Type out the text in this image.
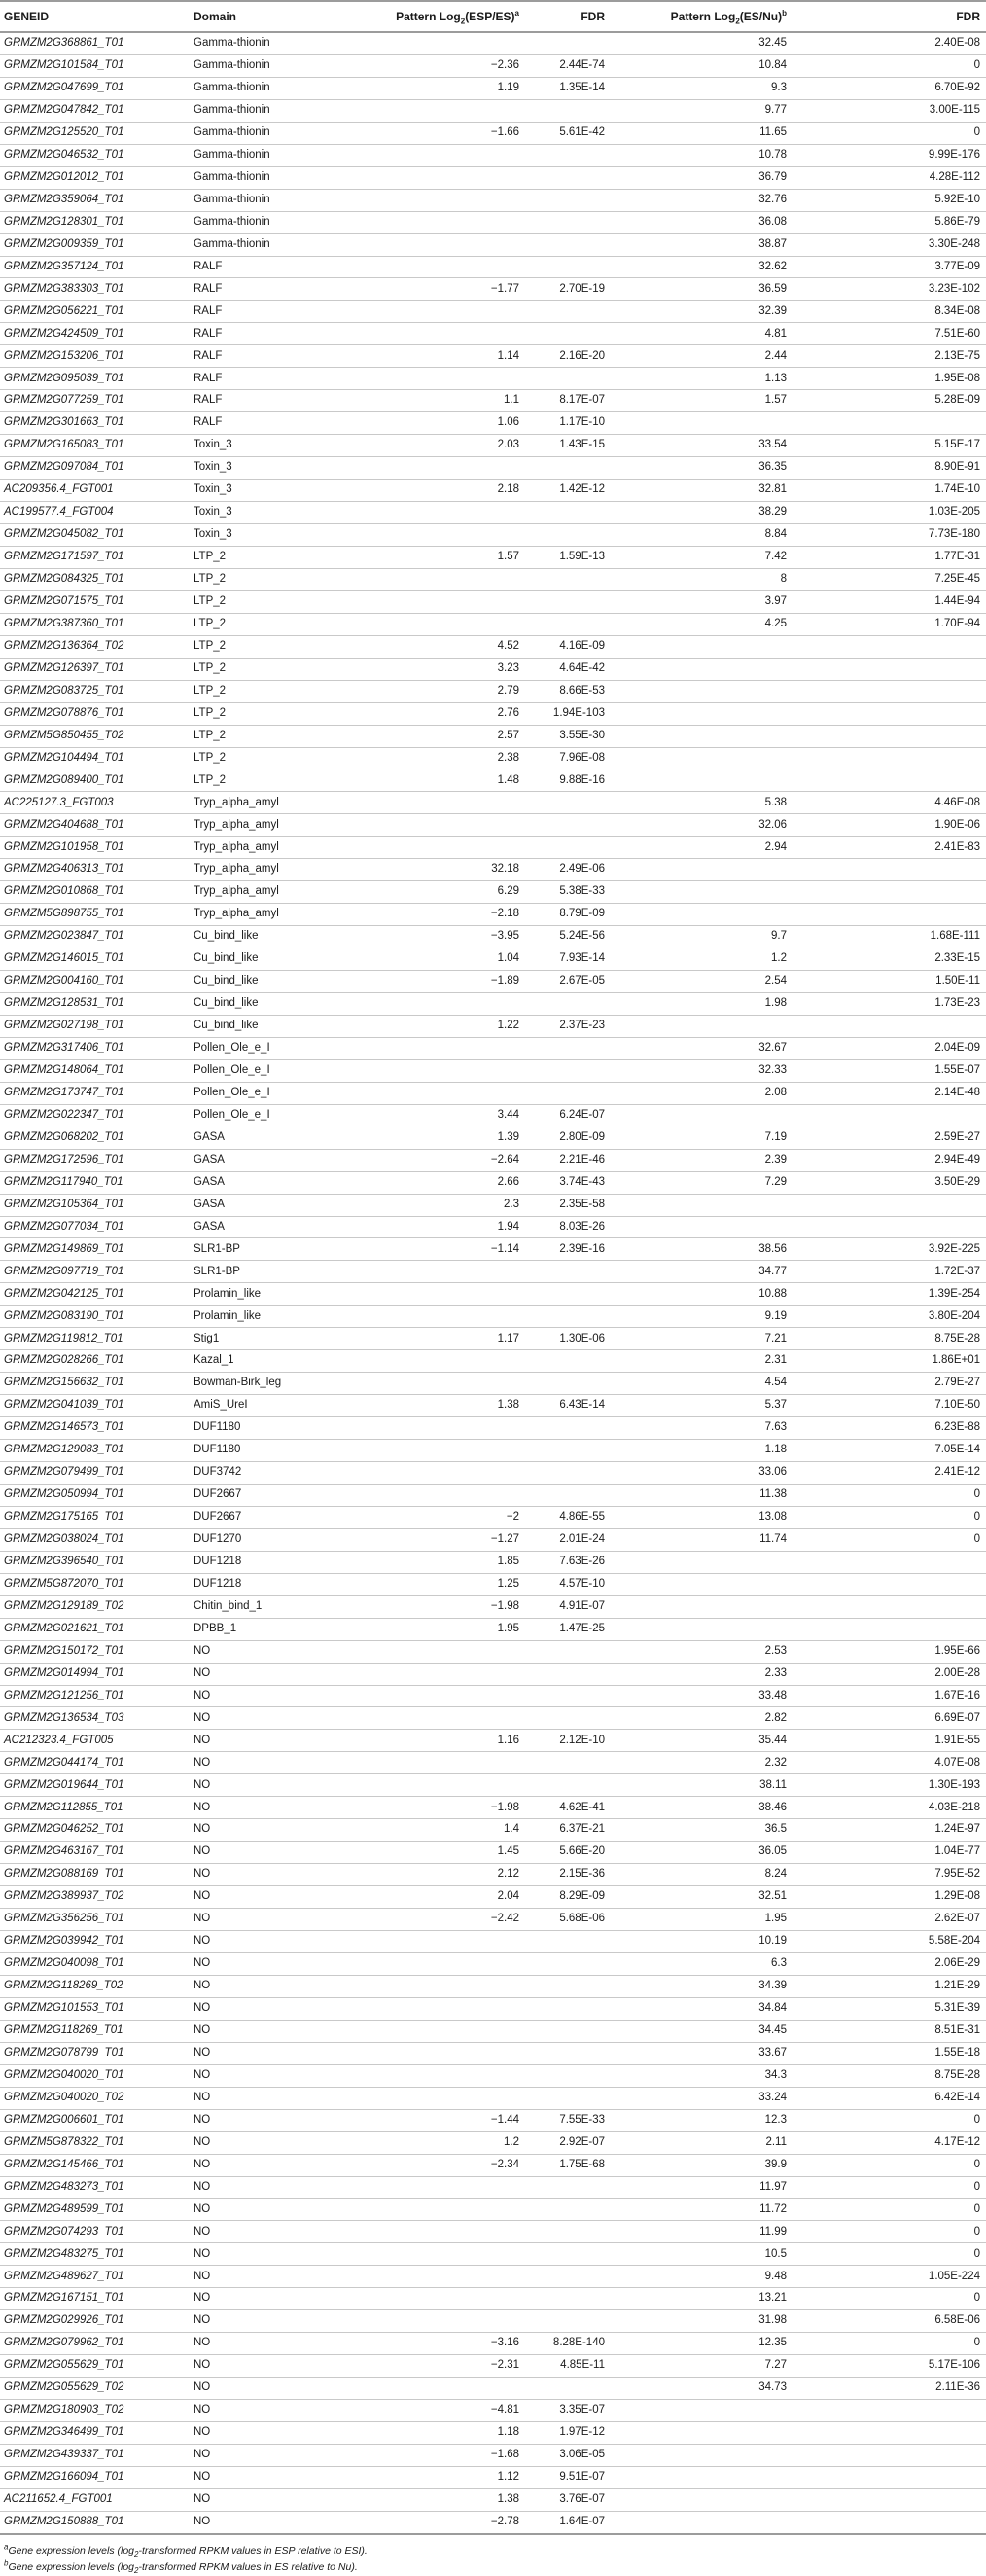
GENEID	Domain	Pattern $Log_2(ESP/ES)^a$	FDR	Pattern $Log_2(ES/Nu)^b$	FDR
GRMZM2G368861_T01	Gamma-thionin			32.45	2.40E-08
GRMZM2G101584_T01	Gamma-thionin	−2.36	2.44E-74	10.84	0
GRMZM2G047699_T01	Gamma-thionin	1.19	1.35E-14	9.3	6.70E-92
GRMZM2G047842_T01	Gamma-thionin			9.77	3.00E-115
GRMZM2G125520_T01	Gamma-thionin	−1.66	5.61E-42	11.65	0
GRMZM2G046532_T01	Gamma-thionin			10.78	9.99E-176
GRMZM2G012012_T01	Gamma-thionin			36.79	4.28E-112
GRMZM2G359064_T01	Gamma-thionin			32.76	5.92E-10
GRMZM2G128301_T01	Gamma-thionin			36.08	5.86E-79
GRMZM2G009359_T01	Gamma-thionin			38.87	3.30E-248
GRMZM2G357124_T01	RALF			32.62	3.77E-09
GRMZM2G383303_T01	RALF	−1.77	2.70E-19	36.59	3.23E-102
GRMZM2G056221_T01	RALF			32.39	8.34E-08
GRMZM2G424509_T01	RALF			4.81	7.51E-60
GRMZM2G153206_T01	RALF	1.14	2.16E-20	2.44	2.13E-75
GRMZM2G095039_T01	RALF			1.13	1.95E-08
GRMZM2G077259_T01	RALF	1.1	8.17E-07	1.57	5.28E-09
GRMZM2G301663_T01	RALF	1.06	1.17E-10		
GRMZM2G165083_T01	Toxin_3	2.03	1.43E-15	33.54	5.15E-17
GRMZM2G097084_T01	Toxin_3			36.35	8.90E-91
AC209356.4_FGT001	Toxin_3	2.18	1.42E-12	32.81	1.74E-10
AC199577.4_FGT004	Toxin_3			38.29	1.03E-205
GRMZM2G045082_T01	Toxin_3			8.84	7.73E-180
GRMZM2G171597_T01	LTP_2	1.57	1.59E-13	7.42	1.77E-31
GRMZM2G084325_T01	LTP_2			8	7.25E-45
GRMZM2G071575_T01	LTP_2			3.97	1.44E-94
GRMZM2G387360_T01	LTP_2			4.25	1.70E-94
GRMZM2G136364_T02	LTP_2	4.52	4.16E-09		
GRMZM2G126397_T01	LTP_2	3.23	4.64E-42		
GRMZM2G083725_T01	LTP_2	2.79	8.66E-53		
GRMZM2G078876_T01	LTP_2	2.76	1.94E-103		
GRMZM5G850455_T02	LTP_2	2.57	3.55E-30		
GRMZM2G104494_T01	LTP_2	2.38	7.96E-08		
GRMZM2G089400_T01	LTP_2	1.48	9.88E-16		
AC225127.3_FGT003	Tryp_alpha_amyl			5.38	4.46E-08
GRMZM2G404688_T01	Tryp_alpha_amyl			32.06	1.90E-06
GRMZM2G101958_T01	Tryp_alpha_amyl			2.94	2.41E-83
GRMZM2G406313_T01	Tryp_alpha_amyl	32.18	2.49E-06		
GRMZM2G010868_T01	Tryp_alpha_amyl	6.29	5.38E-33		
GRMZM5G898755_T01	Tryp_alpha_amyl	−2.18	8.79E-09		
GRMZM2G023847_T01	Cu_bind_like	−3.95	5.24E-56	9.7	1.68E-111
GRMZM2G146015_T01	Cu_bind_like	1.04	7.93E-14	1.2	2.33E-15
GRMZM2G004160_T01	Cu_bind_like	−1.89	2.67E-05	2.54	1.50E-11
GRMZM2G128531_T01	Cu_bind_like			1.98	1.73E-23
GRMZM2G027198_T01	Cu_bind_like	1.22	2.37E-23		
GRMZM2G317406_T01	Pollen_Ole_e_I			32.67	2.04E-09
GRMZM2G148064_T01	Pollen_Ole_e_I			32.33	1.55E-07
GRMZM2G173747_T01	Pollen_Ole_e_I			2.08	2.14E-48
GRMZM2G022347_T01	Pollen_Ole_e_I	3.44	6.24E-07		
GRMZM2G068202_T01	GASA	1.39	2.80E-09	7.19	2.59E-27
GRMZM2G172596_T01	GASA	−2.64	2.21E-46	2.39	2.94E-49
GRMZM2G117940_T01	GASA	2.66	3.74E-43	7.29	3.50E-29
GRMZM2G105364_T01	GASA	2.3	2.35E-58		
GRMZM2G077034_T01	GASA	1.94	8.03E-26		
GRMZM2G149869_T01	SLR1-BP	−1.14	2.39E-16	38.56	3.92E-225
GRMZM2G097719_T01	SLR1-BP			34.77	1.72E-37
GRMZM2G042125_T01	Prolamin_like			10.88	1.39E-254
GRMZM2G083190_T01	Prolamin_like			9.19	3.80E-204
GRMZM2G119812_T01	Stig1	1.17	1.30E-06	7.21	8.75E-28
GRMZM2G028266_T01	Kazal_1			2.31	1.86E+01
GRMZM2G156632_T01	Bowman-Birk_leg			4.54	2.79E-27
GRMZM2G041039_T01	AmiS_UreI	1.38	6.43E-14	5.37	7.10E-50
GRMZM2G146573_T01	DUF1180			7.63	6.23E-88
GRMZM2G129083_T01	DUF1180			1.18	7.05E-14
GRMZM2G079499_T01	DUF3742			33.06	2.41E-12
GRMZM2G050994_T01	DUF2667			11.38	0
GRMZM2G175165_T01	DUF2667	−2	4.86E-55	13.08	0
GRMZM2G038024_T01	DUF1270	−1.27	2.01E-24	11.74	0
GRMZM2G396540_T01	DUF1218	1.85	7.63E-26		
GRMZM5G872070_T01	DUF1218	1.25	4.57E-10		
GRMZM2G129189_T02	Chitin_bind_1	−1.98	4.91E-07		
GRMZM2G021621_T01	DPBB_1	1.95	1.47E-25		
GRMZM2G150172_T01	NO			2.53	1.95E-66
GRMZM2G014994_T01	NO			2.33	2.00E-28
GRMZM2G121256_T01	NO			33.48	1.67E-16
GRMZM2G136534_T03	NO			2.82	6.69E-07
AC212323.4_FGT005	NO	1.16	2.12E-10	35.44	1.91E-55
GRMZM2G044174_T01	NO			2.32	4.07E-08
GRMZM2G019644_T01	NO			38.11	1.30E-193
GRMZM2G112855_T01	NO	−1.98	4.62E-41	38.46	4.03E-218
GRMZM2G046252_T01	NO	1.4	6.37E-21	36.5	1.24E-97
GRMZM2G463167_T01	NO	1.45	5.66E-20	36.05	1.04E-77
GRMZM2G088169_T01	NO	2.12	2.15E-36	8.24	7.95E-52
GRMZM2G389937_T02	NO	2.04	8.29E-09	32.51	1.29E-08
GRMZM2G356256_T01	NO	−2.42	5.68E-06	1.95	2.62E-07
GRMZM2G039942_T01	NO			10.19	5.58E-204
GRMZM2G040098_T01	NO			6.3	2.06E-29
GRMZM2G118269_T02	NO			34.39	1.21E-29
GRMZM2G101553_T01	NO			34.84	5.31E-39
GRMZM2G118269_T01	NO			34.45	8.51E-31
GRMZM2G078799_T01	NO			33.67	1.55E-18
GRMZM2G040020_T01	NO			34.3	8.75E-28
GRMZM2G040020_T02	NO			33.24	6.42E-14
GRMZM2G006601_T01	NO	−1.44	7.55E-33	12.3	0
GRMZM5G878322_T01	NO	1.2	2.92E-07	2.11	4.17E-12
GRMZM2G145466_T01	NO	−2.34	1.75E-68	39.9	0
GRMZM2G483273_T01	NO			11.97	0
GRMZM2G489599_T01	NO			11.72	0
GRMZM2G074293_T01	NO			11.99	0
GRMZM2G483275_T01	NO			10.5	0
GRMZM2G489627_T01	NO			9.48	1.05E-224
GRMZM2G167151_T01	NO			13.21	0
GRMZM2G029926_T01	NO			31.98	6.58E-06
GRMZM2G079962_T01	NO	−3.16	8.28E-140	12.35	0
GRMZM2G055629_T01	NO	−2.31	4.85E-11	7.27	5.17E-106
GRMZM2G055629_T02	NO			34.73	2.11E-36
GRMZM2G180903_T02	NO	−4.81	3.35E-07		
GRMZM2G346499_T01	NO	1.18	1.97E-12		
GRMZM2G439337_T01	NO	−1.68	3.06E-05		
GRMZM2G166094_T01	NO	1.12	9.51E-07		
AC211652.4_FGT001	NO	1.38	3.76E-07		
GRMZM2G150888_T01	NO	−2.78	1.64E-07		

$^a$Gene expression levels ($\log_2$-transformed RPKM values in ESP relative to ESI).

$^b$Gene expression levels ($\log_2$-transformed RPKM values in ES relative to Nu).
